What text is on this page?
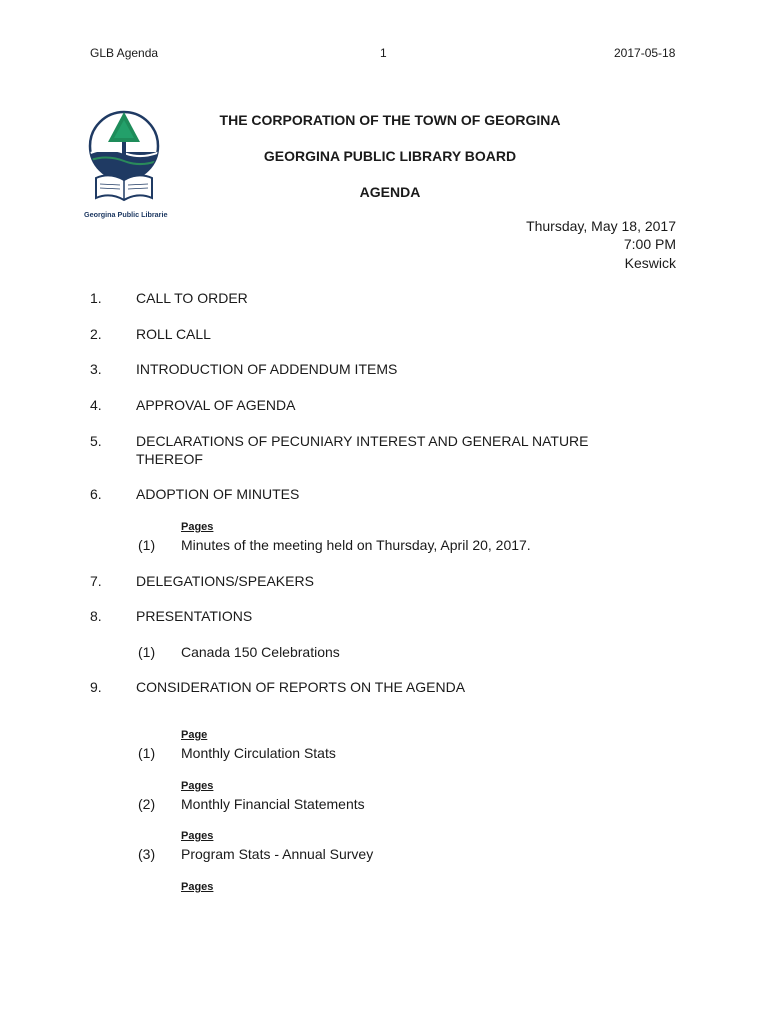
GLB Agenda	1	2017-05-18
Georgina Public Libraries
THE CORPORATION OF THE TOWN OF GEORGINA
GEORGINA PUBLIC LIBRARY BOARD
AGENDA
Thursday, May 18, 2017
7:00 PM
Keswick
1. CALL TO ORDER
2. ROLL CALL
3. INTRODUCTION OF ADDENDUM ITEMS
4. APPROVAL OF AGENDA
5. DECLARATIONS OF PECUNIARY INTEREST AND GENERAL NATURE
THEREOF
6. ADOPTION OF MINUTES
Pages
(1) Minutes of the meeting held on Thursday, April 20, 2017.
7. DELEGATIONS/SPEAKERS
8. PRESENTATIONS
(1) Canada 150 Celebrations
9. CONSIDERATION OF REPORTS ON THE AGENDA
Page
(1) Monthly Circulation Stats
Pages
(2) Monthly Financial Statements
Pages
(3) Program Stats - Annual Survey
Pages
